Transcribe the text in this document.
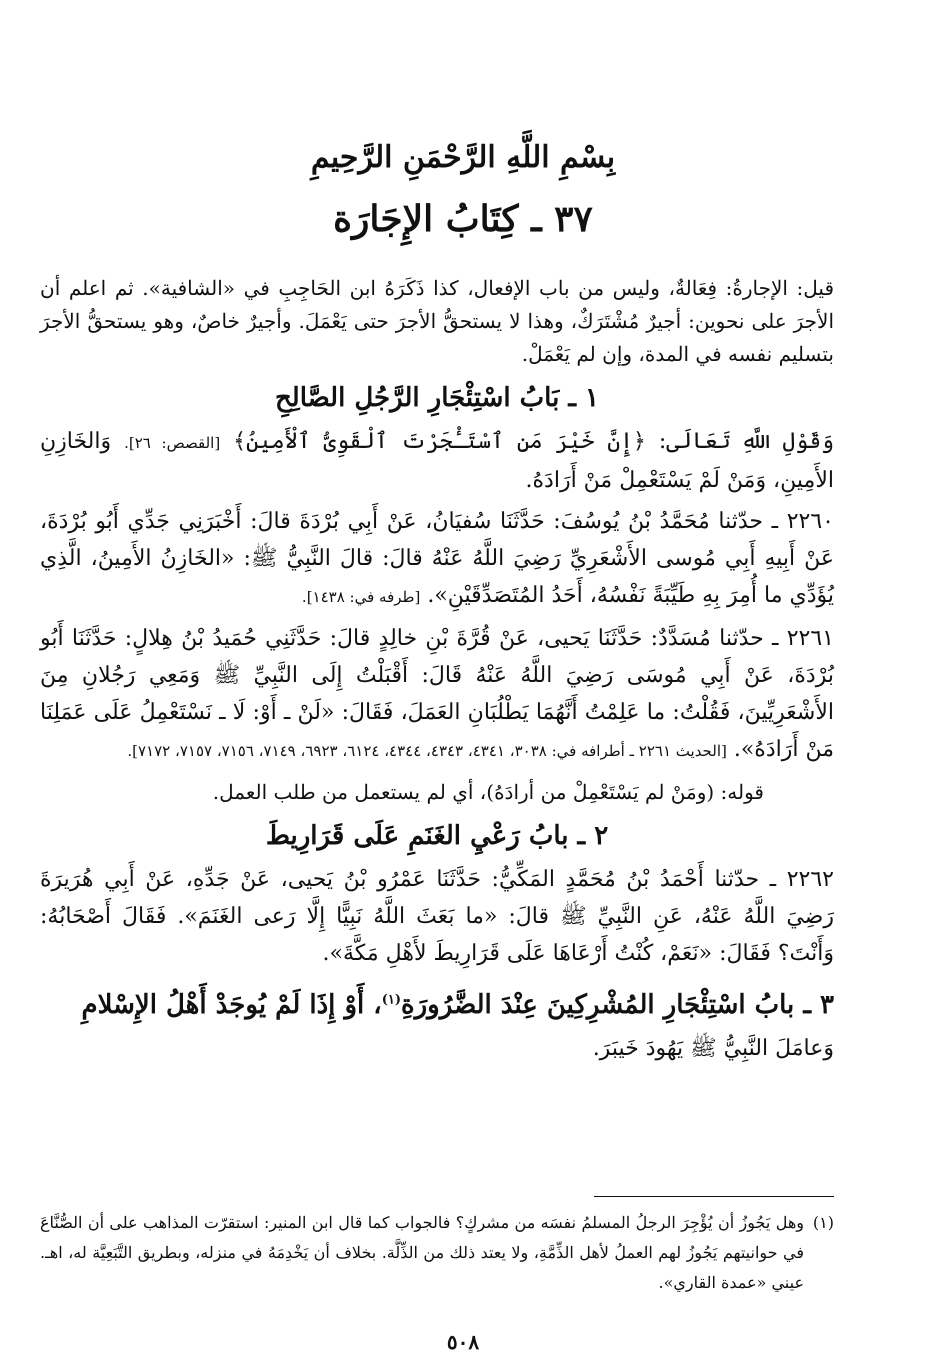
بِسْمِ اللَّهِ الرَّحْمَنِ الرَّحِيمِ
٣٧ ـ كِتَابُ الإِجَارَة

قيل: الإجارةُ: فِعَالةٌ، وليس من باب الإفعال، كذا ذَكَرَهُ ابن الحَاجِبِ في «الشافية». ثم اعلم أن الأجرَ على نحوين: أجيرٌ مُشْتَرَكٌ، وهذا لا يستحقُّ الأجرَ حتى يَعْمَلَ. وأجيرٌ خاصٌ، وهو يستحقُّ الأجرَ بتسليم نفسه في المدة، وإن لم يَعْمَلْ.

١ ـ بَابُ اسْتِئْجَارِ الرَّجُلِ الصَّالِحِ

وَقَوْلِ اللَّهِ تَعَالَى: ﴿إِنَّ خَيْرَ مَنِ ٱسْتَـْٔجَرْتَ ٱلْقَوِىُّ ٱلْأَمِينُ﴾ [القصص: ٢٦]. وَالخَازِنِ الأَمِينِ، وَمَنْ لَمْ يَسْتَعْمِلْ مَنْ أَرَادَهُ.

٢٢٦٠ ـ حدّثنا مُحَمَّدُ بْنُ يُوسُفَ: حَدَّثَنَا سُفيَانُ، عَنْ أَبِي بُرْدَةَ قالَ: أَخْبَرَنِي جَدِّي أَبُو بُرْدَةَ، عَنْ أَبِيهِ أَبِي مُوسى الأَشْعَرِيِّ رَضِيَ اللَّهُ عَنْهُ قالَ: قالَ النَّبِيُّ ﷺ: «الخَازِنُ الأَمِينُ، الَّذِي يُؤَدِّي ما أُمِرَ بِهِ طَيِّبَةً نَفْسُهُ، أَحَدُ المُتَصَدِّقَيْنِ». [طرفه في: ١٤٣٨].

٢٢٦١ ـ حدّثنا مُسَدَّدٌ: حَدَّثَنَا يَحيى، عَنْ قُرَّةَ بْنِ خالِدٍ قالَ: حَدَّثَنِي حُمَيدُ بْنُ هِلالٍ: حَدَّثَنَا أَبُو بُرْدَةَ، عَنْ أَبِي مُوسَى رَضِيَ اللَّهُ عَنْهُ قَالَ: أَقْبَلْتُ إِلَى النَّبِيِّ ﷺ وَمَعِي رَجُلانِ مِنَ الأَشْعَرِيِّينَ، فَقُلْتُ: ما عَلِمْتُ أَنَّهُمَا يَطْلُبَانِ العَمَلَ، فَقَالَ: «لَنْ ـ أَوْ: لَا ـ نَسْتَعْمِلُ عَلَى عَمَلِنَا مَنْ أَرَادَهُ». [الحديث ٢٢٦١ ـ أطرافه في: ٣٠٣٨، ٤٣٤١، ٤٣٤٣، ٤٣٤٤، ٦١٢٤، ٦٩٢٣، ٧١٤٩، ٧١٥٦، ٧١٥٧، ٧١٧٢].

قوله: (ومَنْ لم يَسْتَعْمِلْ من أرادَهُ)، أي لم يستعمل من طلب العمل.

٢ ـ بابُ رَعْيِ الغَنَمِ عَلَى قَرَارِيطَ

٢٢٦٢ ـ حدّثنا أَحْمَدُ بْنُ مُحَمَّدٍ المَكِّيُّ: حَدَّثَنَا عَمْرُو بْنُ يَحيى، عَنْ جَدِّهِ، عَنْ أَبِي هُرَيرَةَ رَضِيَ اللَّهُ عَنْهُ، عَنِ النَّبِيِّ ﷺ قالَ: «ما بَعَثَ اللَّهُ نَبِيًّا إِلَّا رَعى الغَنَمَ». فَقَالَ أَصْحَابُهُ: وَأَنْتَ؟ فَقَالَ: «نَعَمْ، كُنْتُ أَرْعَاهَا عَلَى قَرَارِيطَ لأَهْلِ مَكَّةَ».

٣ ـ بابُ اسْتِئْجَارِ المُشْرِكِينَ عِنْدَ الضَّرُورَةِ$^{(١)}$، أَوْ إِذَا لَمْ يُوجَدْ أَهْلُ الإِسْلامِ

وَعامَلَ النَّبِيُّ ﷺ يَهُودَ خَيبَرَ.

(١)
وهل يَجُوزُ أن يُؤْجِرَ الرجلُ المسلمُ نفسَه من مشركٍ؟ فالجواب كما قال ابن المنير: استقرّت المذاهب على أن الصُّنَّاعَ في حوانيتهم يَجُوزُ لهم العملُ لأهل الذِّمَّةِ، ولا يعتد ذلك من الذِّلَّة. بخلاف أن يَخْدِمَهُ في منزله، وبطريق التَّبَعِيَّة له، اهـ. عيني «عمدة القاري».
٥٠٨
